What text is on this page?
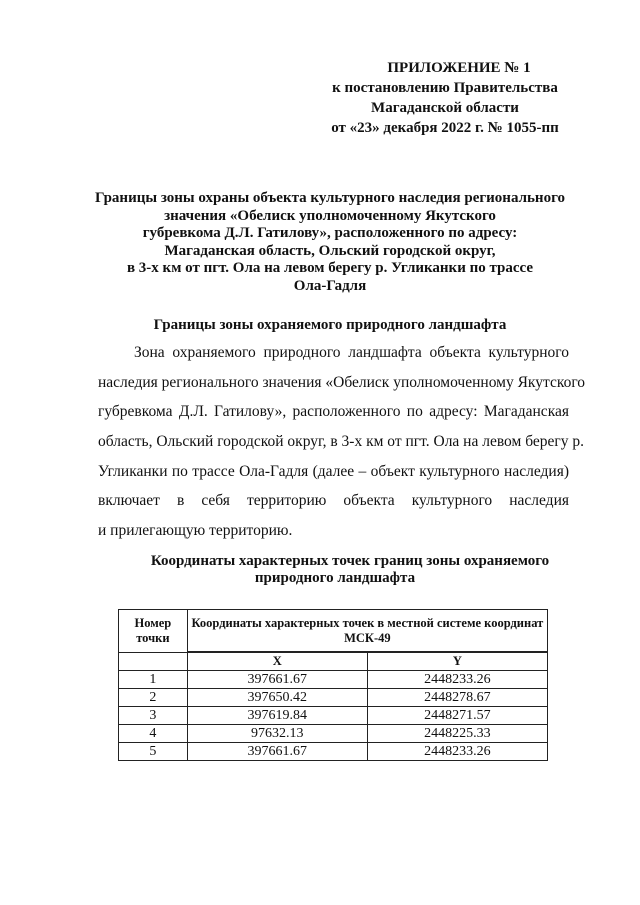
ПРИЛОЖЕНИЕ № 1
к постановлению Правительства
Магаданской области
от «23» декабря 2022 г. № 1055-пп
Границы зоны охраны объекта культурного наследия регионального
значения «Обелиск уполномоченному Якутского
губревкома Д.Л. Гатилову», расположенного по адресу:
Магаданская область, Ольский городской округ,
в 3-х км от пгт. Ола на левом берегу р. Угликанки по трассе
Ола-Гадля
Границы зоны охраняемого природного ландшафта
Зона охраняемого природного ландшафта объекта культурного
наследия регионального значения «Обелиск уполномоченному Якутского
губревкома Д.Л. Гатилову», расположенного по адресу: Магаданская
область, Ольский городской округ, в 3-х км от пгт. Ола на левом берегу р.
Угликанки по трассе Ола-Гадля (далее – объект культурного наследия)
включает в себя территорию объекта культурного наследия
и прилегающую территорию.
Координаты характерных точек границ зоны охраняемого
природного ландшафта
Номер точки	Координаты характерных точек в местной системе координат МСК-49	

	X	Y
1	397661.67	2448233.26
2	397650.42	2448278.67
3	397619.84	2448271.57
4	97632.13	2448225.33
5	397661.67	2448233.26
